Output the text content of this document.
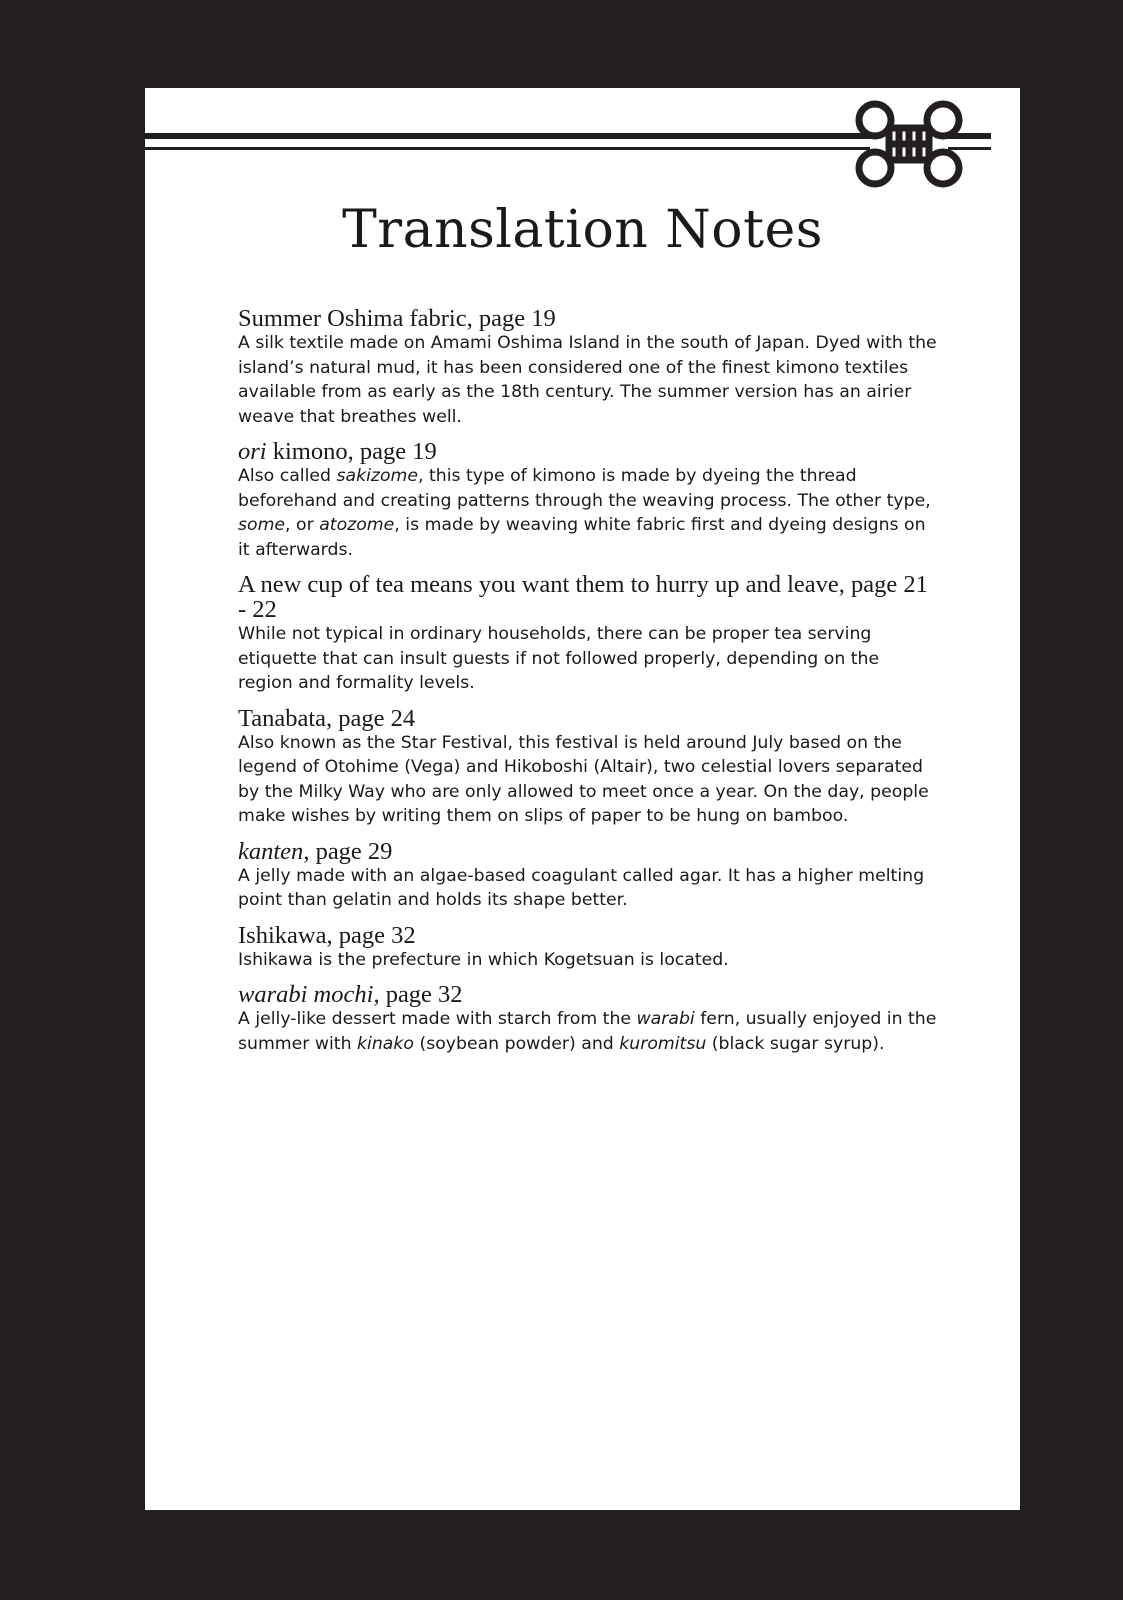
Translation Notes
Summer Oshima fabric, page 19

A silk textile made on Amami Oshima Island in the south of Japan. Dyed with the island’s natural mud, it has been considered one of the finest kimono textiles available from as early as the 18th century. The summer version has an airier weave that breathes well.

ori kimono, page 19

Also called sakizome, this type of kimono is made by dyeing the thread beforehand and creating patterns through the weaving process. The other type, some, or atozome, is made by weaving white fabric first and dyeing designs on it afterwards.

A new cup of tea means you want them to hurry up and leave, page 21 - 22

While not typical in ordinary households, there can be proper tea serving etiquette that can insult guests if not followed properly, depending on the region and formality levels.

Tanabata, page 24

Also known as the Star Festival, this festival is held around July based on the legend of Otohime (Vega) and Hikoboshi (Altair), two celestial lovers separated by the Milky Way who are only allowed to meet once a year. On the day, people make wishes by writing them on slips of paper to be hung on bamboo.

kanten, page 29

A jelly made with an algae-based coagulant called agar. It has a higher melting point than gelatin and holds its shape better.

Ishikawa, page 32

Ishikawa is the prefecture in which Kogetsuan is located.

warabi mochi, page 32

A jelly-like dessert made with starch from the warabi fern, usually enjoyed in the summer with kinako (soybean powder) and kuromitsu (black sugar syrup).
